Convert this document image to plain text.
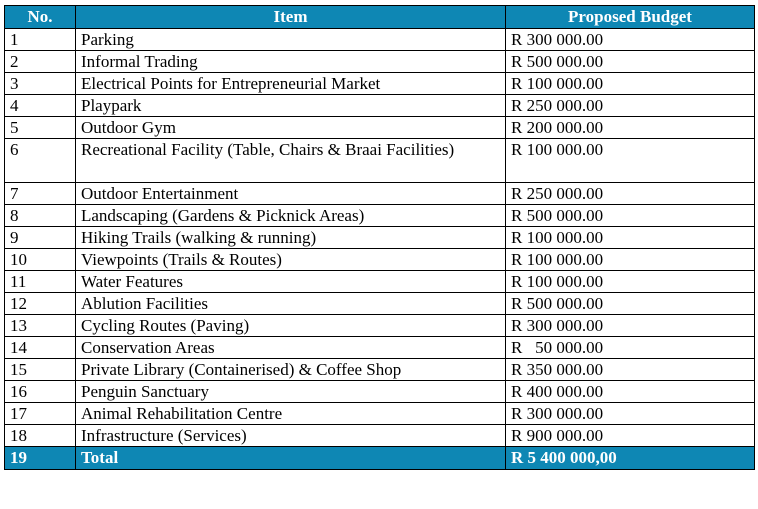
No.	Item	Proposed Budget
1	Parking	R 300 000.00
2	Informal Trading	R 500 000.00
3	Electrical Points for Entrepreneurial Market	R 100 000.00
4	Playpark	R 250 000.00
5	Outdoor Gym	R 200 000.00
6	Recreational Facility (Table, Chairs & Braai Facilities)	R 100 000.00
7	Outdoor Entertainment	R 250 000.00
8	Landscaping (Gardens & Picknick Areas)	R 500 000.00
9	Hiking Trails (walking & running)	R 100 000.00
10	Viewpoints (Trails & Routes)	R 100 000.00
11	Water Features	R 100 000.00
12	Ablution Facilities	R 500 000.00
13	Cycling Routes (Paving)	R 300 000.00
14	Conservation Areas	R   50 000.00
15	Private Library (Containerised) & Coffee Shop	R 350 000.00
16	Penguin Sanctuary	R 400 000.00
17	Animal Rehabilitation Centre	R 300 000.00
18	Infrastructure (Services)	R 900 000.00
19	Total	R 5 400 000,00
